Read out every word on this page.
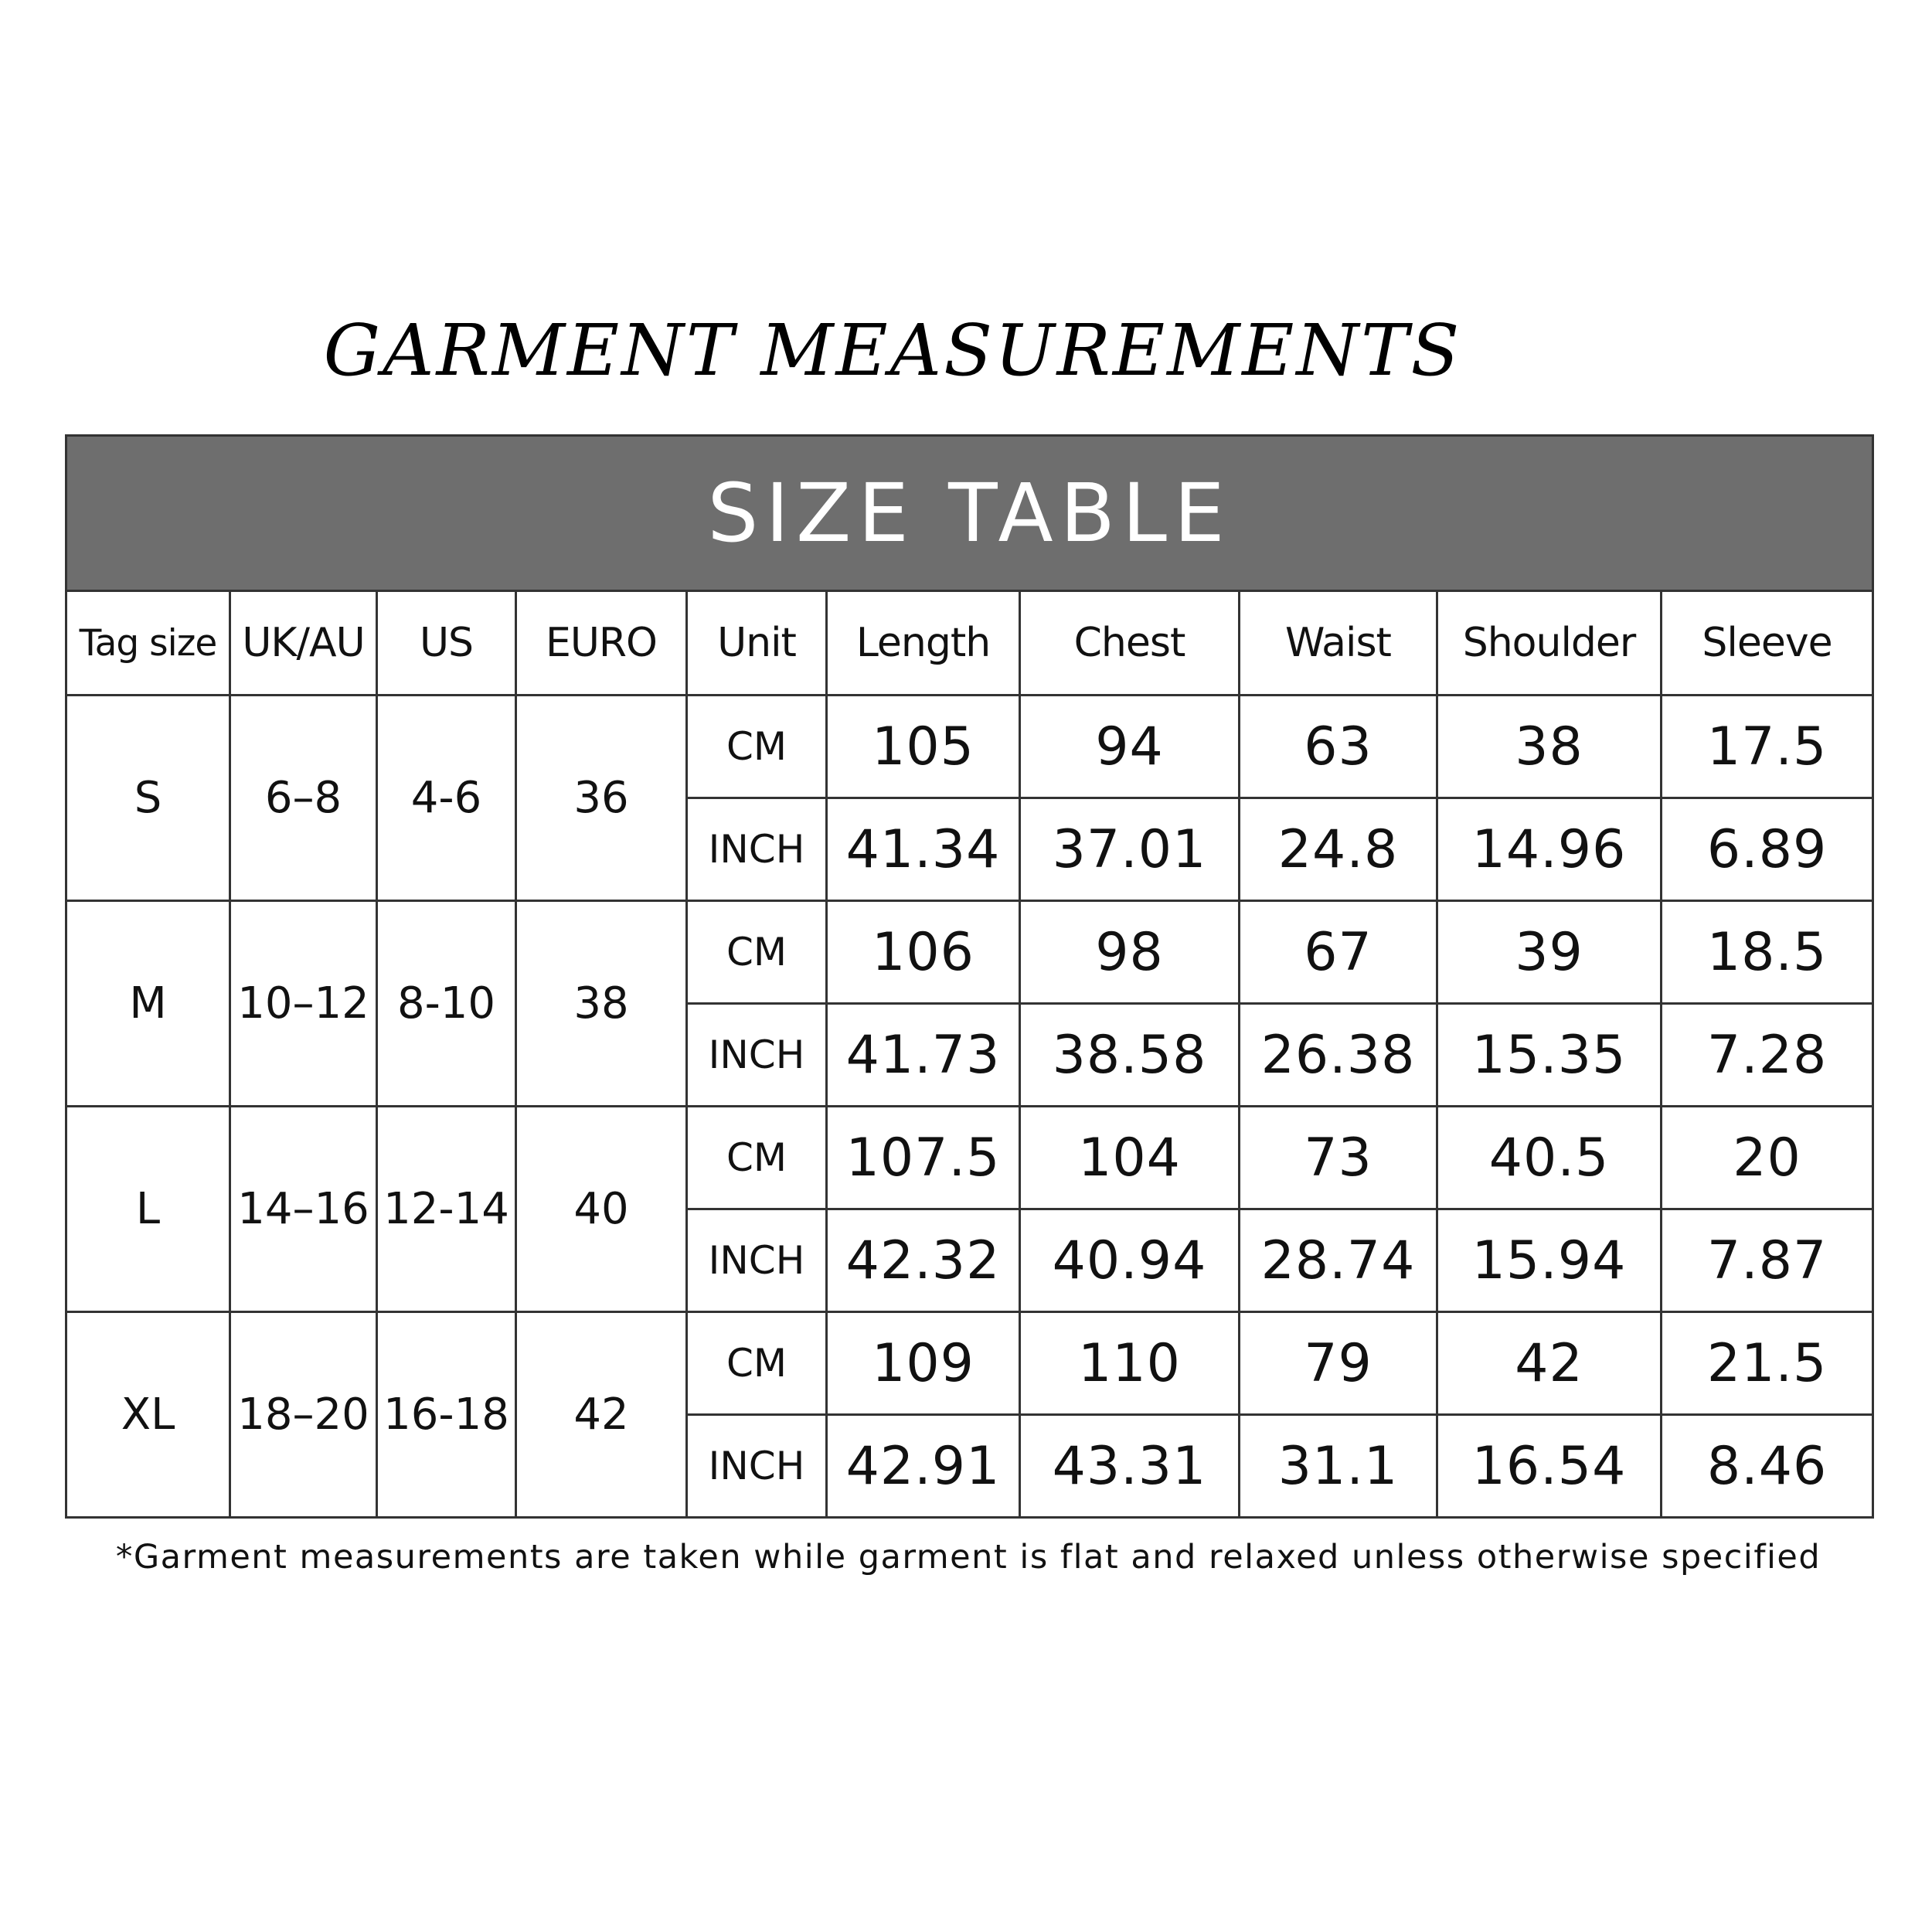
GARMENT MEASUREMENTS
SIZE TABLE									
Tag size	UK/AU	US	EURO	Unit	Length	Chest	Waist	Shoulder	Sleeve
S	6–8	4-6	36	CM	105	94	63	38	17.5
				INCH	41.34	37.01	24.8	14.96	6.89
M	10–12	8-10	38	CM	106	98	67	39	18.5
				INCH	41.73	38.58	26.38	15.35	7.28
L	14–16	12-14	40	CM	107.5	104	73	40.5	20
				INCH	42.32	40.94	28.74	15.94	7.87
XL	18–20	16-18	42	CM	109	110	79	42	21.5
				INCH	42.91	43.31	31.1	16.54	8.46
*Garment measurements are taken while garment is flat and relaxed unless otherwise specified
